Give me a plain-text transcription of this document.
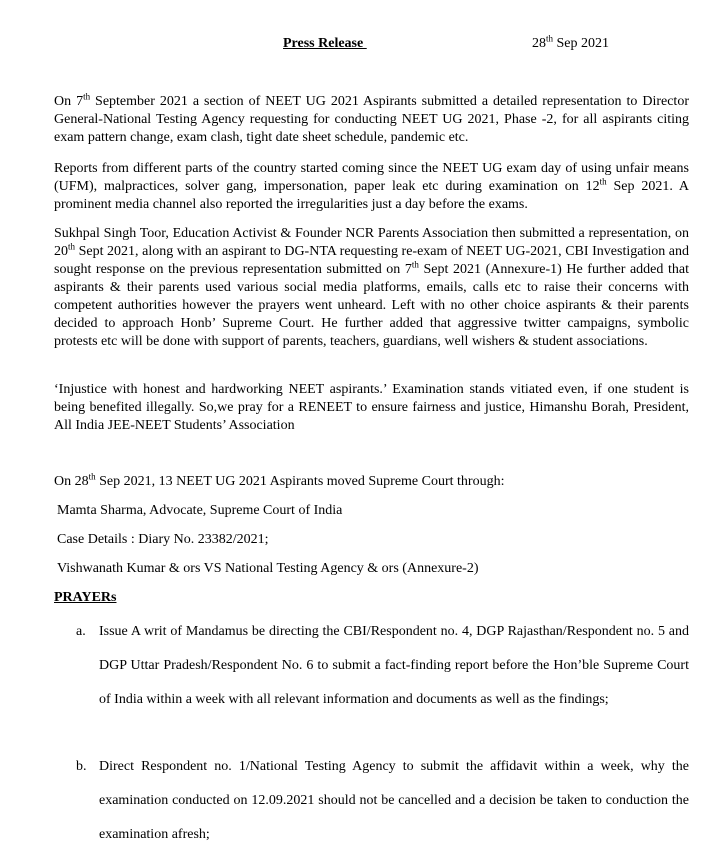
Press Release	28th Sep 2021

On 7th September 2021 a section of NEET UG 2021 Aspirants submitted a detailed representation to Director General-National Testing Agency requesting for conducting NEET UG 2021, Phase -2, for all aspirants citing exam pattern change, exam clash, tight date sheet schedule, pandemic etc.

Reports from different parts of the country started coming since the NEET UG exam day of using unfair means (UFM), malpractices, solver gang, impersonation, paper leak etc during examination on 12th Sep 2021. A prominent media channel also reported the irregularities just a day before the exams.

Sukhpal Singh Toor, Education Activist & Founder NCR Parents Association then submitted a representation, on 20th Sept 2021, along with an aspirant to DG-NTA requesting re-exam of NEET UG-2021, CBI Investigation and sought response on the previous representation submitted on 7th Sept 2021 (Annexure-1) He further added that aspirants & their parents used various social media platforms, emails, calls etc to raise their concerns with competent authorities however the prayers went unheard. Left with no other choice aspirants & their parents decided to approach Honb’ Supreme Court. He further added that aggressive twitter campaigns, symbolic protests etc will be done with support of parents, teachers, guardians, well wishers & student associations.

‘Injustice with honest and hardworking NEET aspirants.’ Examination stands vitiated even, if one student is being benefited illegally. So,we pray for a RENEET to ensure fairness and justice, Himanshu Borah, President, All India JEE-NEET Students’ Association

On 28th Sep 2021, 13 NEET UG 2021 Aspirants moved Supreme Court through:
Mamta Sharma, Advocate, Supreme Court of India
Case Details : Diary No. 23382/2021;
Vishwanath Kumar & ors VS National Testing Agency & ors (Annexure-2)
PRAYERs
a. Issue A writ of Mandamus be directing the CBI/Respondent no. 4, DGP Rajasthan/Respondent no. 5 and DGP Uttar Pradesh/Respondent No. 6 to submit a fact-finding report before the Hon’ble Supreme Court of India within a week with all relevant information and documents as well as the findings;
b. Direct Respondent no. 1/National Testing Agency to submit the affidavit within a week, why the examination conducted on 12.09.2021 should not be cancelled and a decision be taken to conduction the examination afresh;
